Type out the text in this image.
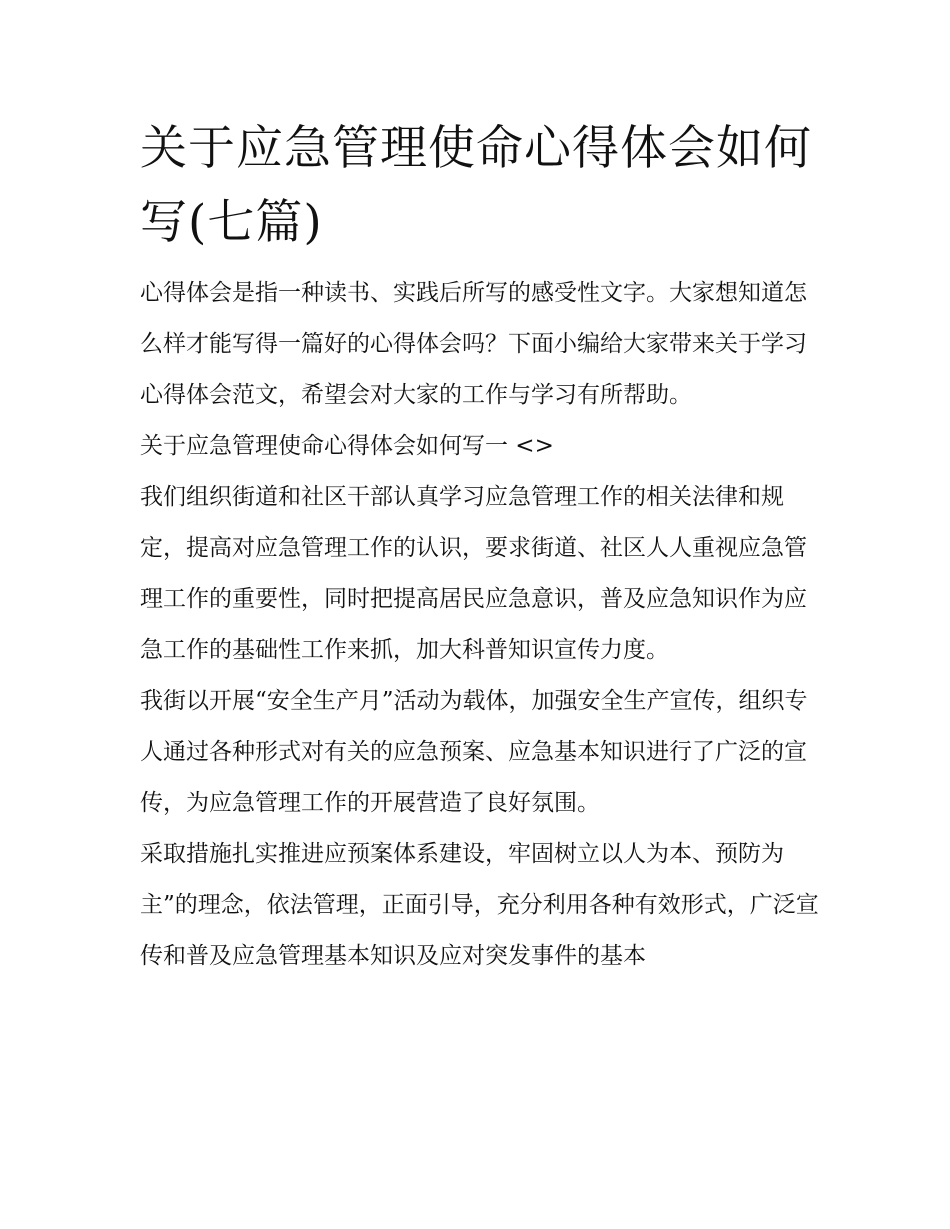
关于应急管理使命心得体会如何写(七篇)

心得体会是指一种读书、实践后所写的感受性文字。大家想知道怎么样才能写得一篇好的心得体会吗？下面小编给大家带来关于学习心得体会范文，希望会对大家的工作与学习有所帮助。

关于应急管理使命心得体会如何写一 <>

我们组织街道和社区干部认真学习应急管理工作的相关法律和规定，提高对应急管理工作的认识，要求街道、社区人人重视应急管理工作的重要性，同时把提高居民应急意识，普及应急知识作为应急工作的基础性工作来抓，加大科普知识宣传力度。

我街以开展“安全生产月”活动为载体，加强安全生产宣传，组织专人通过各种形式对有关的应急预案、应急基本知识进行了广泛的宣传，为应急管理工作的开展营造了良好氛围。

采取措施扎实推进应预案体系建设，牢固树立以人为本、预防为主”的理念，依法管理，正面引导，充分利用各种有效形式，广泛宣传和普及应急管理基本知识及应对突发事件的基本
